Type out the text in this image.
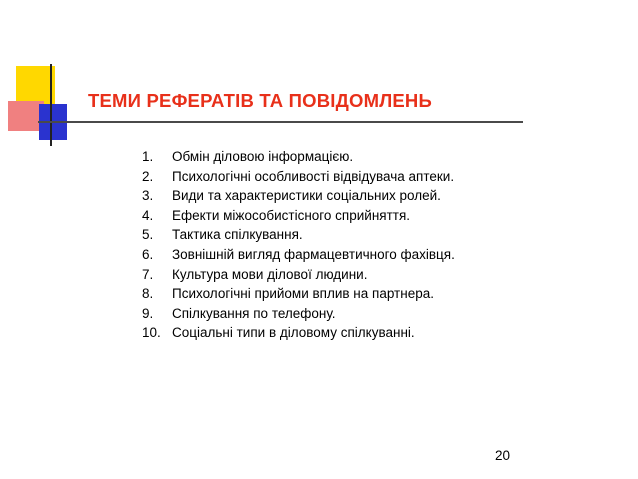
ТЕМИ РЕФЕРАТІВ ТА ПОВІДОМЛЕНЬ
1.	Обмін діловою інформацією.
2.	Психологічні особливості відвідувача аптеки.
3.	Види та характеристики соціальних ролей.
4.	Ефекти міжособистісного сприйняття.
5.	Тактика спілкування.
6.	Зовнішній вигляд фармацевтичного фахівця.
7.	Культура мови ділової людини.
8.	Психологічні прийоми вплив на партнера.
9.	Спілкування по телефону.
10. Соціальні типи в діловому спілкуванні.
20
